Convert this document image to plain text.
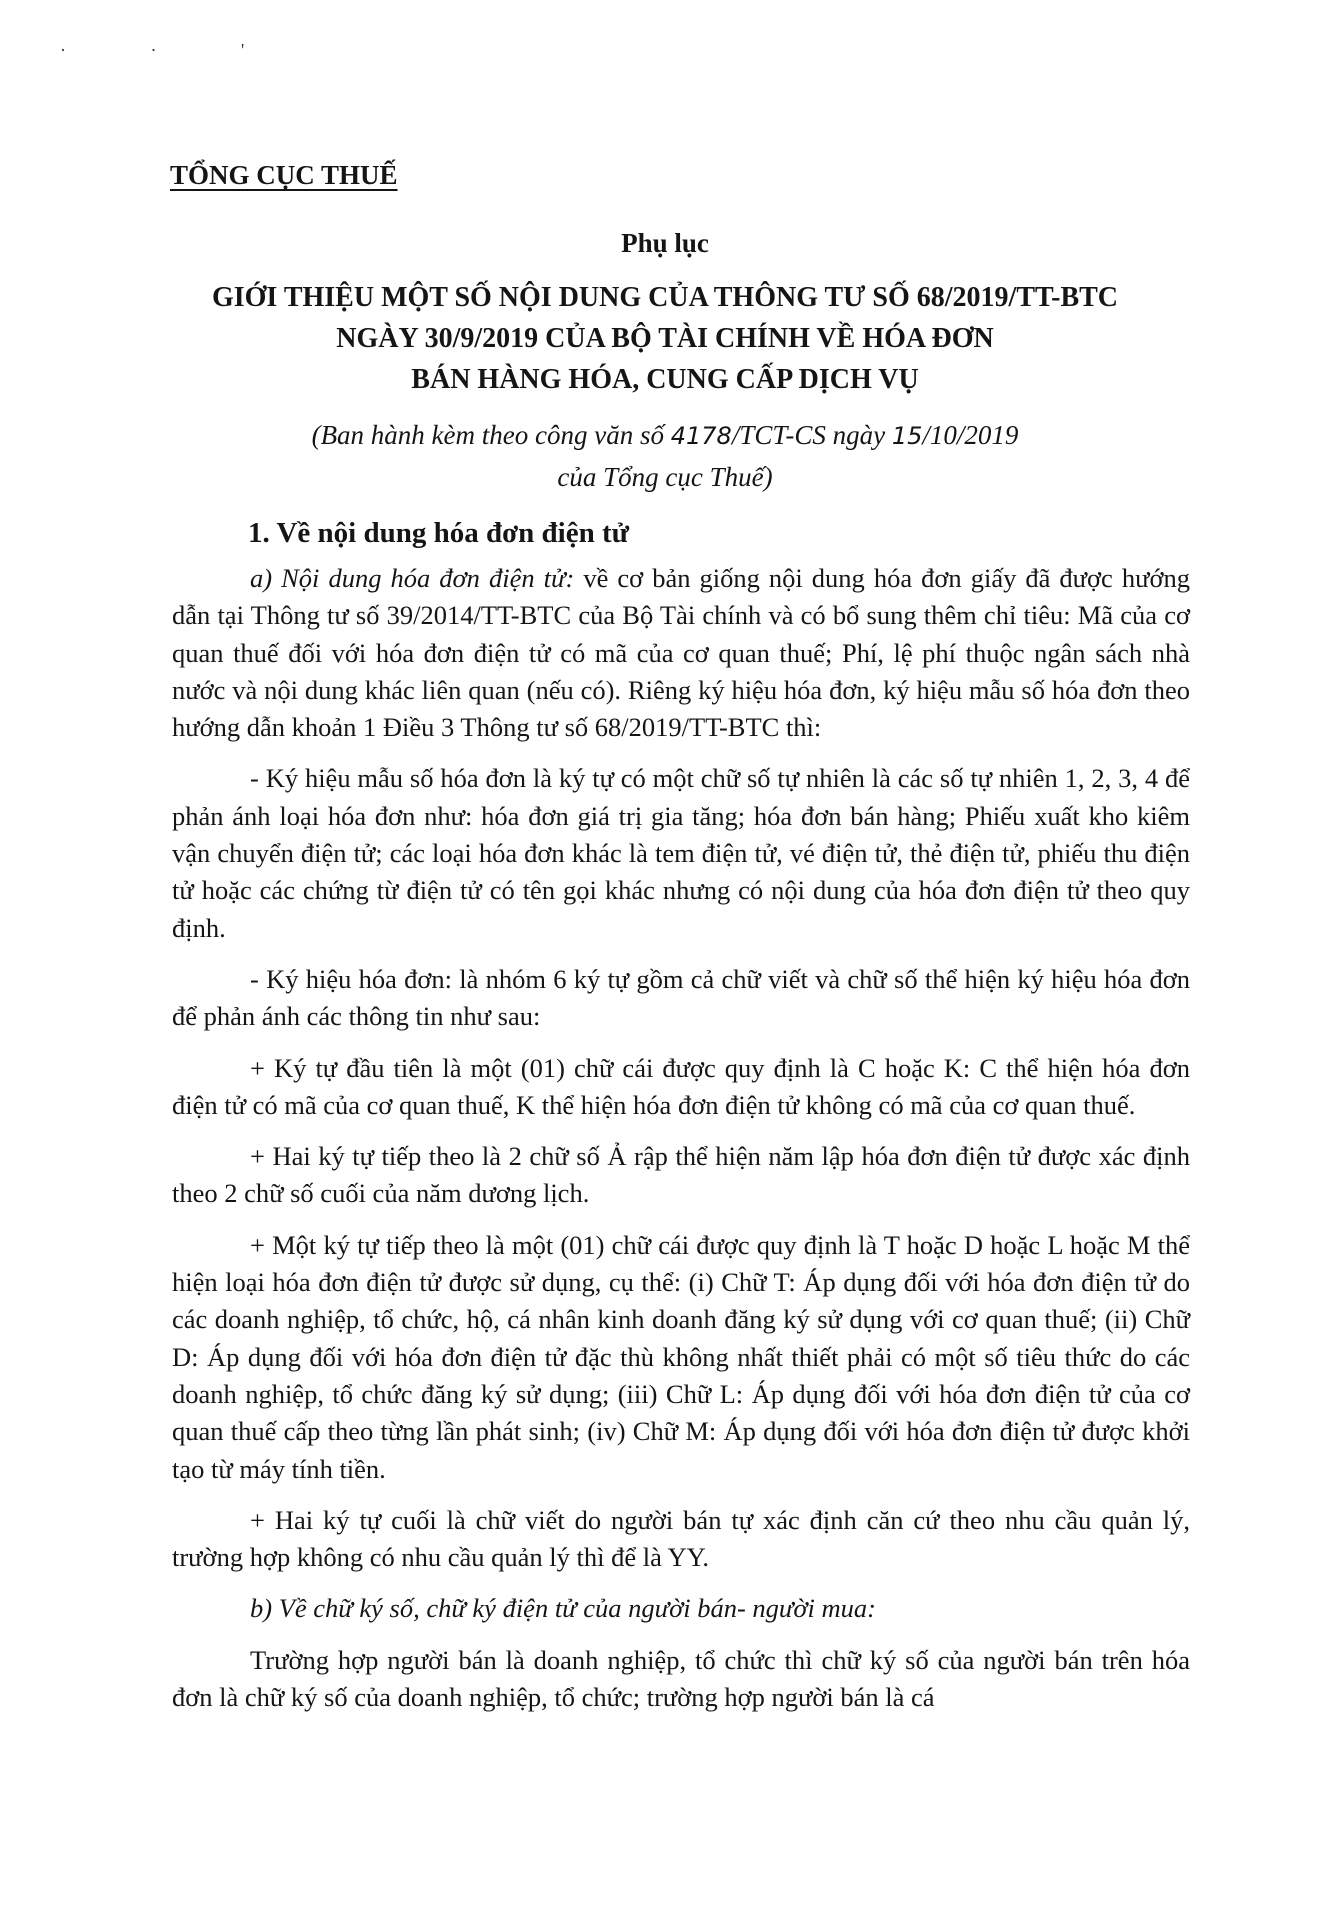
· · '
TỔNG CỤC THUẾ
Phụ lục
GIỚI THIỆU MỘT SỐ NỘI DUNG CỦA THÔNG TƯ SỐ 68/2019/TT-BTC
NGÀY 30/9/2019 CỦA BỘ TÀI CHÍNH VỀ HÓA ĐƠN
BÁN HÀNG HÓA, CUNG CẤP DỊCH VỤ
(Ban hành kèm theo công văn số 4178/TCT-CS ngày 15/10/2019
của Tổng cục Thuế)
1. Về nội dung hóa đơn điện tử

a) Nội dung hóa đơn điện tử: về cơ bản giống nội dung hóa đơn giấy đã được hướng dẫn tại Thông tư số 39/2014/TT-BTC của Bộ Tài chính và có bổ sung thêm chỉ tiêu: Mã của cơ quan thuế đối với hóa đơn điện tử có mã của cơ quan thuế; Phí, lệ phí thuộc ngân sách nhà nước và nội dung khác liên quan (nếu có). Riêng ký hiệu hóa đơn, ký hiệu mẫu số hóa đơn theo hướng dẫn khoản 1 Điều 3 Thông tư số 68/2019/TT-BTC thì:

- Ký hiệu mẫu số hóa đơn là ký tự có một chữ số tự nhiên là các số tự nhiên 1, 2, 3, 4 để phản ánh loại hóa đơn như: hóa đơn giá trị gia tăng; hóa đơn bán hàng; Phiếu xuất kho kiêm vận chuyển điện tử; các loại hóa đơn khác là tem điện tử, vé điện tử, thẻ điện tử, phiếu thu điện tử hoặc các chứng từ điện tử có tên gọi khác nhưng có nội dung của hóa đơn điện tử theo quy định.

- Ký hiệu hóa đơn: là nhóm 6 ký tự gồm cả chữ viết và chữ số thể hiện ký hiệu hóa đơn để phản ánh các thông tin như sau:

+ Ký tự đầu tiên là một (01) chữ cái được quy định là C hoặc K: C thể hiện hóa đơn điện tử có mã của cơ quan thuế, K thể hiện hóa đơn điện tử không có mã của cơ quan thuế.

+ Hai ký tự tiếp theo là 2 chữ số Ả rập thể hiện năm lập hóa đơn điện tử được xác định theo 2 chữ số cuối của năm dương lịch.

+ Một ký tự tiếp theo là một (01) chữ cái được quy định là T hoặc D hoặc L hoặc M thể hiện loại hóa đơn điện tử được sử dụng, cụ thể: (i) Chữ T: Áp dụng đối với hóa đơn điện tử do các doanh nghiệp, tổ chức, hộ, cá nhân kinh doanh đăng ký sử dụng với cơ quan thuế; (ii) Chữ D: Áp dụng đối với hóa đơn điện tử đặc thù không nhất thiết phải có một số tiêu thức do các doanh nghiệp, tổ chức đăng ký sử dụng; (iii) Chữ L: Áp dụng đối với hóa đơn điện tử của cơ quan thuế cấp theo từng lần phát sinh; (iv) Chữ M: Áp dụng đối với hóa đơn điện tử được khởi tạo từ máy tính tiền.

+ Hai ký tự cuối là chữ viết do người bán tự xác định căn cứ theo nhu cầu quản lý, trường hợp không có nhu cầu quản lý thì để là YY.

b) Về chữ ký số, chữ ký điện tử của người bán- người mua:

Trường hợp người bán là doanh nghiệp, tổ chức thì chữ ký số của người bán trên hóa đơn là chữ ký số của doanh nghiệp, tổ chức; trường hợp người bán là cá
